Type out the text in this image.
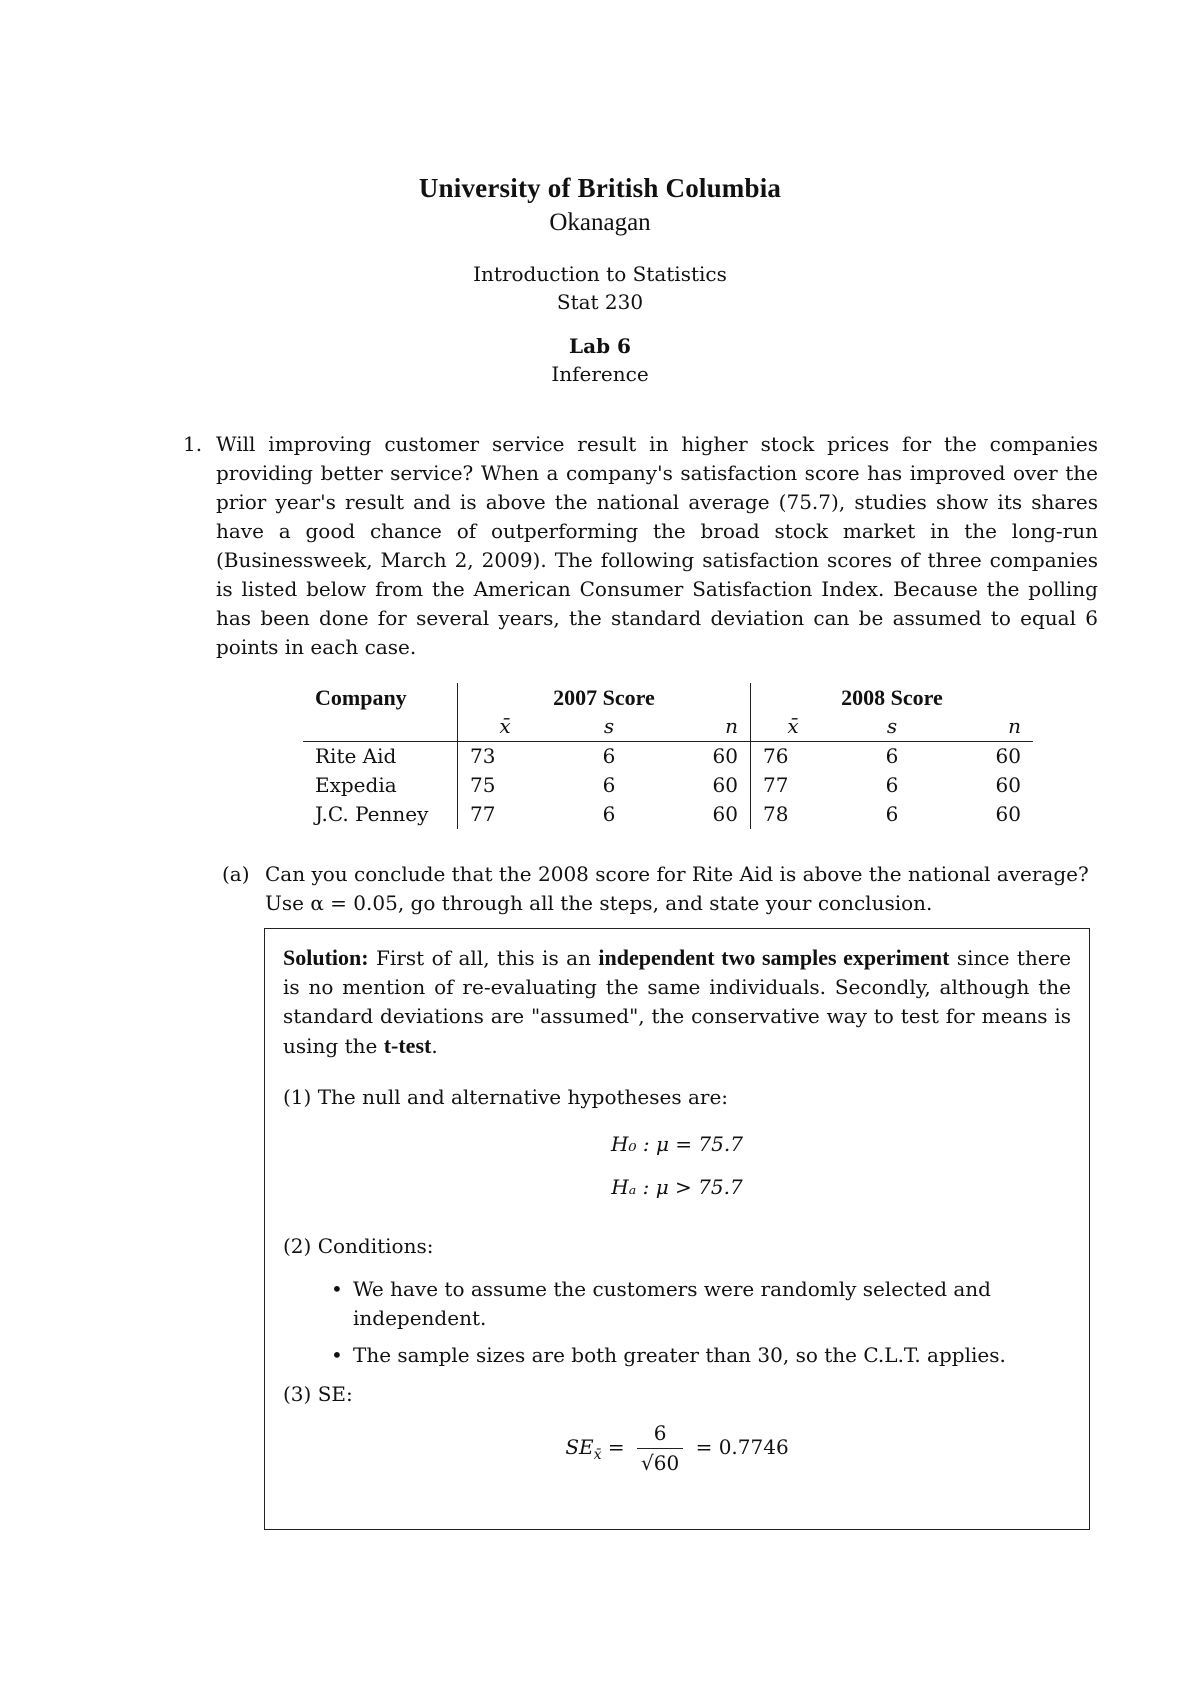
University of British Columbia
Okanagan
Introduction to Statistics
Stat 230
Lab 6
Inference
1. Will improving customer service result in higher stock prices for the companies providing better service? When a company's satisfaction score has improved over the prior year's result and is above the national average (75.7), studies show its shares have a good chance of outperforming the broad stock market in the long-run (Businessweek, March 2, 2009). The following satisfaction scores of three companies is listed below from the American Consumer Satisfaction Index. Because the polling has been done for several years, the standard deviation can be assumed to equal 6 points in each case.
Company	2007 Score			2008 Score		
	x̄	s	n	x̄	s	n
Rite Aid	73	6	60	76	6	60
Expedia	75	6	60	77	6	60
J.C. Penney	77	6	60	78	6	60
(a) Can you conclude that the 2008 score for Rite Aid is above the national average?
Use α = 0.05, go through all the steps, and state your conclusion.
Solution: First of all, this is an independent two samples experiment since there is no mention of re-evaluating the same individuals. Secondly, although the standard deviations are "assumed", the conservative way to test for means is using the t-test.
(1) The null and alternative hypotheses are:
H₀ : μ = 75.7
Hₐ : μ > 75.7
(2) Conditions:
• We have to assume the customers were randomly selected and independent.
• The sample sizes are both greater than 30, so the C.L.T. applies.
(3) SE:
$SE_{x̄} = \frac{6}{√60} = 0.7746$
